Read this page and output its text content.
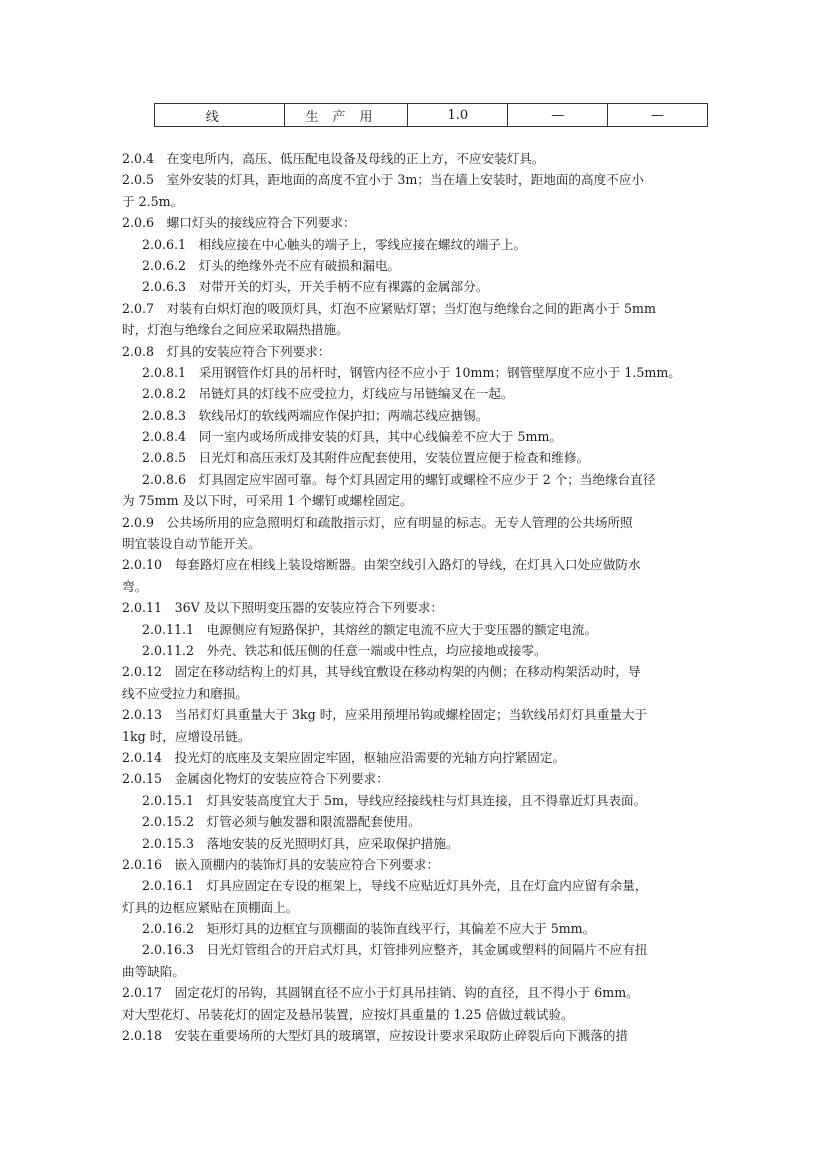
线	生产用	1.0	—	—
2.0.4　在变电所内，高压、低压配电设备及母线的正上方，不应安装灯具。
2.0.5　室外安装的灯具，距地面的高度不宜小于 3m；当在墙上安装时，距地面的高度不应小
于 2.5m。
2.0.6　螺口灯头的接线应符合下列要求：
2.0.6.1　相线应接在中心触头的端子上，零线应接在螺纹的端子上。
2.0.6.2　灯头的绝缘外壳不应有破损和漏电。
2.0.6.3　对带开关的灯头，开关手柄不应有裸露的金属部分。
2.0.7　对装有白炽灯泡的吸顶灯具，灯泡不应紧贴灯罩；当灯泡与绝缘台之间的距离小于 5mm
时，灯泡与绝缘台之间应采取隔热措施。
2.0.8　灯具的安装应符合下列要求：
2.0.8.1　采用钢管作灯具的吊杆时，钢管内径不应小于 10mm；钢管壁厚度不应小于 1.5mm。
2.0.8.2　吊链灯具的灯线不应受拉力，灯线应与吊链编叉在一起。
2.0.8.3　软线吊灯的软线两端应作保护扣；两端芯线应搪锡。
2.0.8.4　同一室内或场所成排安装的灯具，其中心线偏差不应大于 5mm。
2.0.8.5　日光灯和高压汞灯及其附件应配套使用，安装位置应便于检查和维修。
2.0.8.6　灯具固定应牢固可靠。每个灯具固定用的螺钉或螺栓不应少于 2 个；当绝缘台直径
为 75mm 及以下时，可采用 1 个螺钉或螺栓固定。
2.0.9　公共场所用的应急照明灯和疏散指示灯，应有明显的标志。无专人管理的公共场所照
明宜装设自动节能开关。
2.0.10　每套路灯应在相线上装设熔断器。由架空线引入路灯的导线，在灯具入口处应做防水
弯。
2.0.11　36V 及以下照明变压器的安装应符合下列要求：
2.0.11.1　电源侧应有短路保护，其熔丝的额定电流不应大于变压器的额定电流。
2.0.11.2　外壳、铁芯和低压侧的任意一端或中性点，均应接地或接零。
2.0.12　固定在移动结构上的灯具，其导线宜敷设在移动构架的内侧；在移动构架活动时，导
线不应受拉力和磨损。
2.0.13　当吊灯灯具重量大于 3kg 时，应采用预埋吊钩或螺栓固定；当软线吊灯灯具重量大于
1kg 时，应增设吊链。
2.0.14　投光灯的底座及支架应固定牢固，枢轴应沿需要的光轴方向拧紧固定。
2.0.15　金属卤化物灯的安装应符合下列要求：
2.0.15.1　灯具安装高度宜大于 5m，导线应经接线柱与灯具连接，且不得靠近灯具表面。
2.0.15.2　灯管必须与触发器和限流器配套使用。
2.0.15.3　落地安装的反光照明灯具，应采取保护措施。
2.0.16　嵌入顶棚内的装饰灯具的安装应符合下列要求：
2.0.16.1　灯具应固定在专设的框架上，导线不应贴近灯具外壳，且在灯盒内应留有余量，
灯具的边框应紧贴在顶棚面上。
2.0.16.2　矩形灯具的边框宜与顶棚面的装饰直线平行，其偏差不应大于 5mm。
2.0.16.3　日光灯管组合的开启式灯具，灯管排列应整齐，其金属或塑料的间隔片不应有扭
曲等缺陷。
2.0.17　固定花灯的吊钩，其圆钢直径不应小于灯具吊挂销、钩的直径，且不得小于 6mm。
对大型花灯、吊装花灯的固定及悬吊装置，应按灯具重量的 1.25 倍做过载试验。
2.0.18　安装在重要场所的大型灯具的玻璃罩，应按设计要求采取防止碎裂后向下溅落的措
